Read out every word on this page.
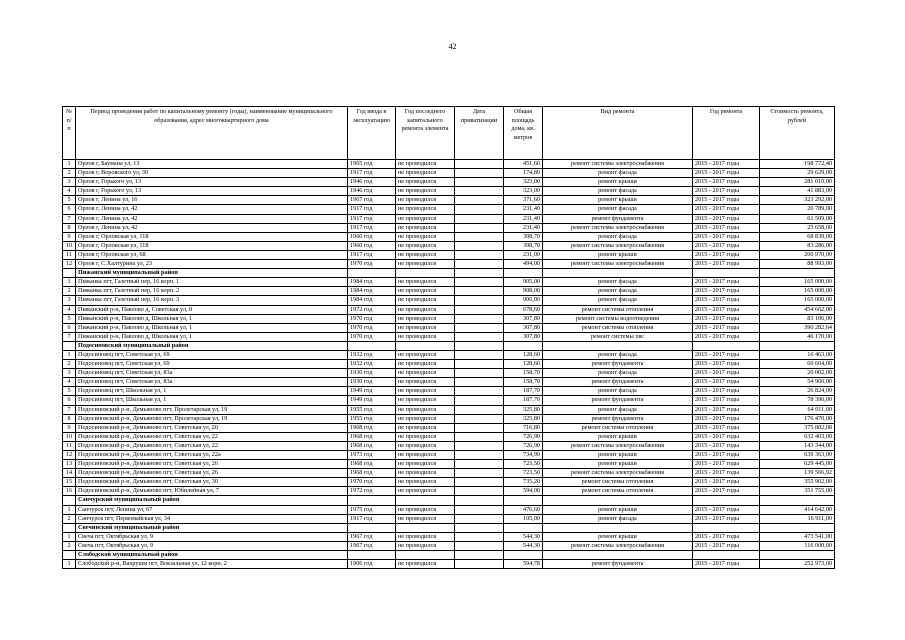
42
№ п/п	Период проведения работ по капитальному ремонту (годы), наименование муниципального образования, адрес многоквартирного дома	Год ввода в эксплуатацию	Год последнего капитального ремонта элемента	Дата приватизации	Общая площадь дома, кв. метров	Вид ремонта	Год ремонта	Стоимость ремонта, рублей
1	Орлов г, Баумана ул, 13	1965 год	не проводился		451,60	ремонт системы электроснабжения	2015 - 2017 годы	198 772,40
2	Орлов г, Воровского ул, 30	1917 год	не проводился		174,80	ремонт фасада	2015 - 2017 годы	29 629,00
3	Орлов г, Горького ул, 13	1946 год	не проводился		323,00	ремонт крыши	2015 - 2017 годы	281 010,00
4	Орлов г, Горького ул, 13	1946 год	не проводился		323,00	ремонт фасада	2015 - 2017 годы	41 883,00
5	Орлов г, Ленина ул, 16	1967 год	не проводился		371,60	ремонт крыши	2015 - 2017 годы	323 292,00
6	Орлов г, Ленина ул, 42	1917 год	не проводился		231,40	ремонт фасада	2015 - 2017 годы	20 789,00
7	Орлов г, Ленина ул, 42	1917 год	не проводился		231,40	ремонт фундамента	2015 - 2017 годы	61 509,00
8	Орлов г, Ленина ул, 42	1917 год	не проводился		231,40	ремонт системы электроснабжения	2015 - 2017 годы	25 658,00
9	Орлов г, Орловская ул, 118	1960 год	не проводился		398,70	ремонт фасада	2015 - 2017 годы	68 839,00
10	Орлов г, Орловская ул, 118	1960 год	не проводился		398,70	ремонт системы электроснабжения	2015 - 2017 годы	83 286,00
11	Орлов г, Орловская ул, 68	1917 год	не проводился		231,00	ремонт крыши	2015 - 2017 годы	200 970,00
12	Орлов г, С.Халтурина ул, 23	1970 год	не проводился		494,00	ремонт системы электроснабжения	2015 - 2017 годы	88 993,00
	Пижанский муниципальный район							
1	Пижанка пгт, Газетный пер, 16 корп. 1	1984 год	не проводился		905,00	ремонт фасада	2015 - 2017 годы	165 000,00
2	Пижанка пгт, Газетный пер, 16 корп. 2	1984 год	не проводился		908,00	ремонт фасада	2015 - 2017 годы	165 000,00
3	Пижанка пгт, Газетный пер, 16 корп. 3	1984 год	не проводился		906,00	ремонт фасада	2015 - 2017 годы	165 000,00
4	Пижанский р-н, Павлово д, Советская ул, 8	1972 год	не проводился		678,60	ремонт системы отопления	2015 - 2017 годы	454 662,00
5	Пижанский р-н, Павлово д, Школьная ул, 1	1970 год	не проводился		307,80	ремонт системы водоотведения	2015 - 2017 годы	83 106,00
6	Пижанский р-н, Павлово д, Школьная ул, 1	1970 год	не проводился		307,80	ремонт системы отопления	2015 - 2017 годы	390 282,64
7	Пижанский р-н, Павлово д, Школьная ул, 1	1970 год	не проводился		307,80	ремонт системы хвс	2015 - 2017 годы	46 170,00
	Подосиновский муниципальный район							
1	Подосиновец пгт, Советская ул, 69	1932 год	не проводился		128,60	ремонт фасада	2015 - 2017 годы	16 463,00
2	Подосиновец пгт, Советская ул, 69	1932 год	не проводился		128,60	ремонт фундамента	2015 - 2017 годы	60 604,00
3	Подосиновец пгт, Советская ул, 83а	1930 год	не проводился		158,70	ремонт фасада	2015 - 2017 годы	20 002,00
4	Подосиновец пгт, Советская ул, 83а	1930 год	не проводился		158,70	ремонт фундамента	2015 - 2017 годы	54 960,00
5	Подосиновец пгт, Школьная ул, 1	1949 год	не проводился		187,70	ремонт фасада	2015 - 2017 годы	26 824,00
6	Подосиновец пгт, Школьная ул, 1	1949 год	не проводился		187,70	ремонт фундамента	2015 - 2017 годы	78 390,00
7	Подосиновский р-н, Демьяново пгт, Пролетарская ул, 19	1955 год	не проводился		325,80	ремонт фасада	2015 - 2017 годы	64 011,00
8	Подосиновский р-н, Демьяново пгт, Пролетарская ул, 19	1955 год	не проводился		325,80	ремонт фундамента	2015 - 2017 годы	176 470,00
9	Подосиновский р-н, Демьяново пгт, Советская ул, 20	1968 год	не проводился		716,80	ремонт системы отопления	2015 - 2017 годы	375 802,08
10	Подосиновский р-н, Демьяново пгт, Советская ул, 22	1968 год	не проводился		726,90	ремонт крыши	2015 - 2017 годы	632 403,00
11	Подосиновский р-н, Демьяново пгт, Советская ул, 22	1968 год	не проводился		726,90	ремонт системы электроснабжения	2015 - 2017 годы	143 344,00
12	Подосиновский р-н, Демьяново пгт, Советская ул, 22а	1973 год	не проводился		734,90	ремонт крыши	2015 - 2017 годы	639 363,00
13	Подосиновский р-н, Демьяново пгт, Советская ул, 26	1968 год	не проводился		723,50	ремонт крыши	2015 - 2017 годы	629 445,00
14	Подосиновский р-н, Демьяново пгт, Советская ул, 26	1968 год	не проводился		723,50	ремонт системы электроснабжения	2015 - 2017 годы	139 566,92
15	Подосиновский р-н, Демьяново пгт, Советская ул, 30	1970 год	не проводился		735,20	ремонт системы отопления	2015 - 2017 годы	355 902,00
16	Подосиновский р-н, Демьяново пгт, Юбилейная ул, 7	1972 год	не проводился		594,00	ремонт системы отопления	2015 - 2017 годы	351 755,00
	Санчурский муниципальный район							
1	Санчурск пгт, Ленина ул, 67	1975 год	не проводился		476,60	ремонт крыши	2015 - 2017 годы	414 642,00
2	Санчурск пгт, Первомайская ул, 34	1917 год	не проводился		105,00	ремонт фасада	2015 - 2017 годы	16 911,00
	Свечинский муниципальный район							
1	Свеча пгт, Октябрьская ул, 9	1967 год	не проводился		544,30	ремонт крыши	2015 - 2017 годы	473 541,00
2	Свеча пгт, Октябрьская ул, 9	1967 год	не проводился		544,30	ремонт системы электроснабжения	2015 - 2017 годы	116 000,00
	Слободской муниципальный район							
1	Слободской р-н, Вахрушм пгт, Вокзальная ул, 12 корп. 2	1906 год	не проводился		594,78	ремонт фундамента	2015 - 2017 годы	252 973,00
